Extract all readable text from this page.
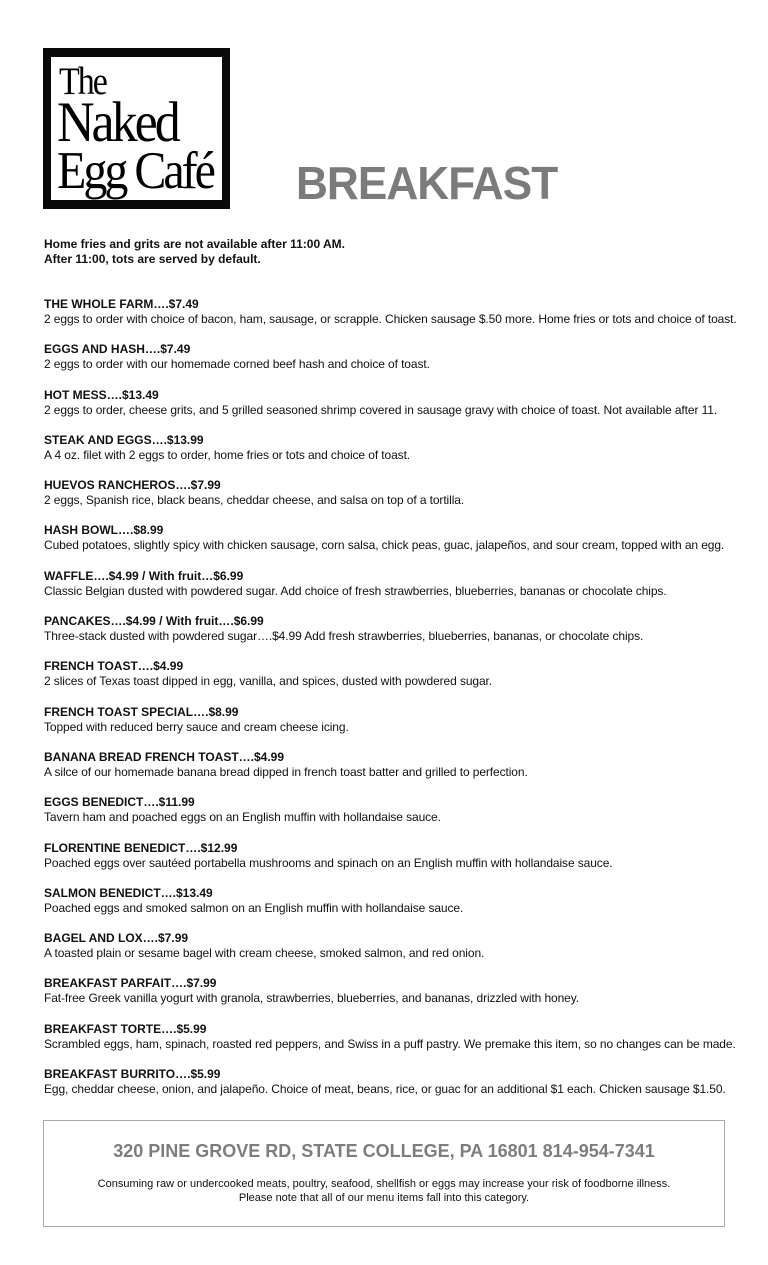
The
Naked
Egg Café BREAKFAST
Home fries and grits are not available after 11:00 AM.
After 11:00, tots are served by default.
THE WHOLE FARM….$7.49
2 eggs to order with choice of bacon, ham, sausage, or scrapple. Chicken sausage $.50 more. Home fries or tots and choice of toast.
EGGS AND HASH….$7.49
2 eggs to order with our homemade corned beef hash and choice of toast.
HOT MESS….$13.49
2 eggs to order, cheese grits, and 5 grilled seasoned shrimp covered in sausage gravy with choice of toast. Not available after 11.
STEAK AND EGGS….$13.99
A 4 oz. filet with 2 eggs to order, home fries or tots and choice of toast.
HUEVOS RANCHEROS….$7.99
2 eggs, Spanish rice, black beans, cheddar cheese, and salsa on top of a tortilla.
HASH BOWL….$8.99
Cubed potatoes, slightly spicy with chicken sausage, corn salsa, chick peas, guac, jalapeños, and sour cream, topped with an egg.
WAFFLE….$4.99 / With fruit…$6.99
Classic Belgian dusted with powdered sugar. Add choice of fresh strawberries, blueberries, bananas or chocolate chips.
PANCAKES….$4.99 / With fruit….$6.99
Three-stack dusted with powdered sugar….$4.99 Add fresh strawberries, blueberries, bananas, or chocolate chips.
FRENCH TOAST….$4.99
2 slices of Texas toast dipped in egg, vanilla, and spices, dusted with powdered sugar.
FRENCH TOAST SPECIAL….$8.99
Topped with reduced berry sauce and cream cheese icing.
BANANA BREAD FRENCH TOAST….$4.99
A silce of our homemade banana bread dipped in french toast batter and grilled to perfection.
EGGS BENEDICT….$11.99
Tavern ham and poached eggs on an English muffin with hollandaise sauce.
FLORENTINE BENEDICT….$12.99
Poached eggs over sautéed portabella mushrooms and spinach on an English muffin with hollandaise sauce.
SALMON BENEDICT….$13.49
Poached eggs and smoked salmon on an English muffin with hollandaise sauce.
BAGEL AND LOX….$7.99
A toasted plain or sesame bagel with cream cheese, smoked salmon, and red onion.
BREAKFAST PARFAIT….$7.99
Fat-free Greek vanilla yogurt with granola, strawberries, blueberries, and bananas, drizzled with honey.
BREAKFAST TORTE….$5.99
Scrambled eggs, ham, spinach, roasted red peppers, and Swiss in a puff pastry. We premake this item, so no changes can be made.
BREAKFAST BURRITO….$5.99
Egg, cheddar cheese, onion, and jalapeño. Choice of meat, beans, rice, or guac for an additional $1 each. Chicken sausage $1.50.
320 PINE GROVE RD, STATE COLLEGE, PA 16801 814-954-7341
Consuming raw or undercooked meats, poultry, seafood, shellfish or eggs may increase your risk of foodborne illness.
Please note that all of our menu items fall into this category.
